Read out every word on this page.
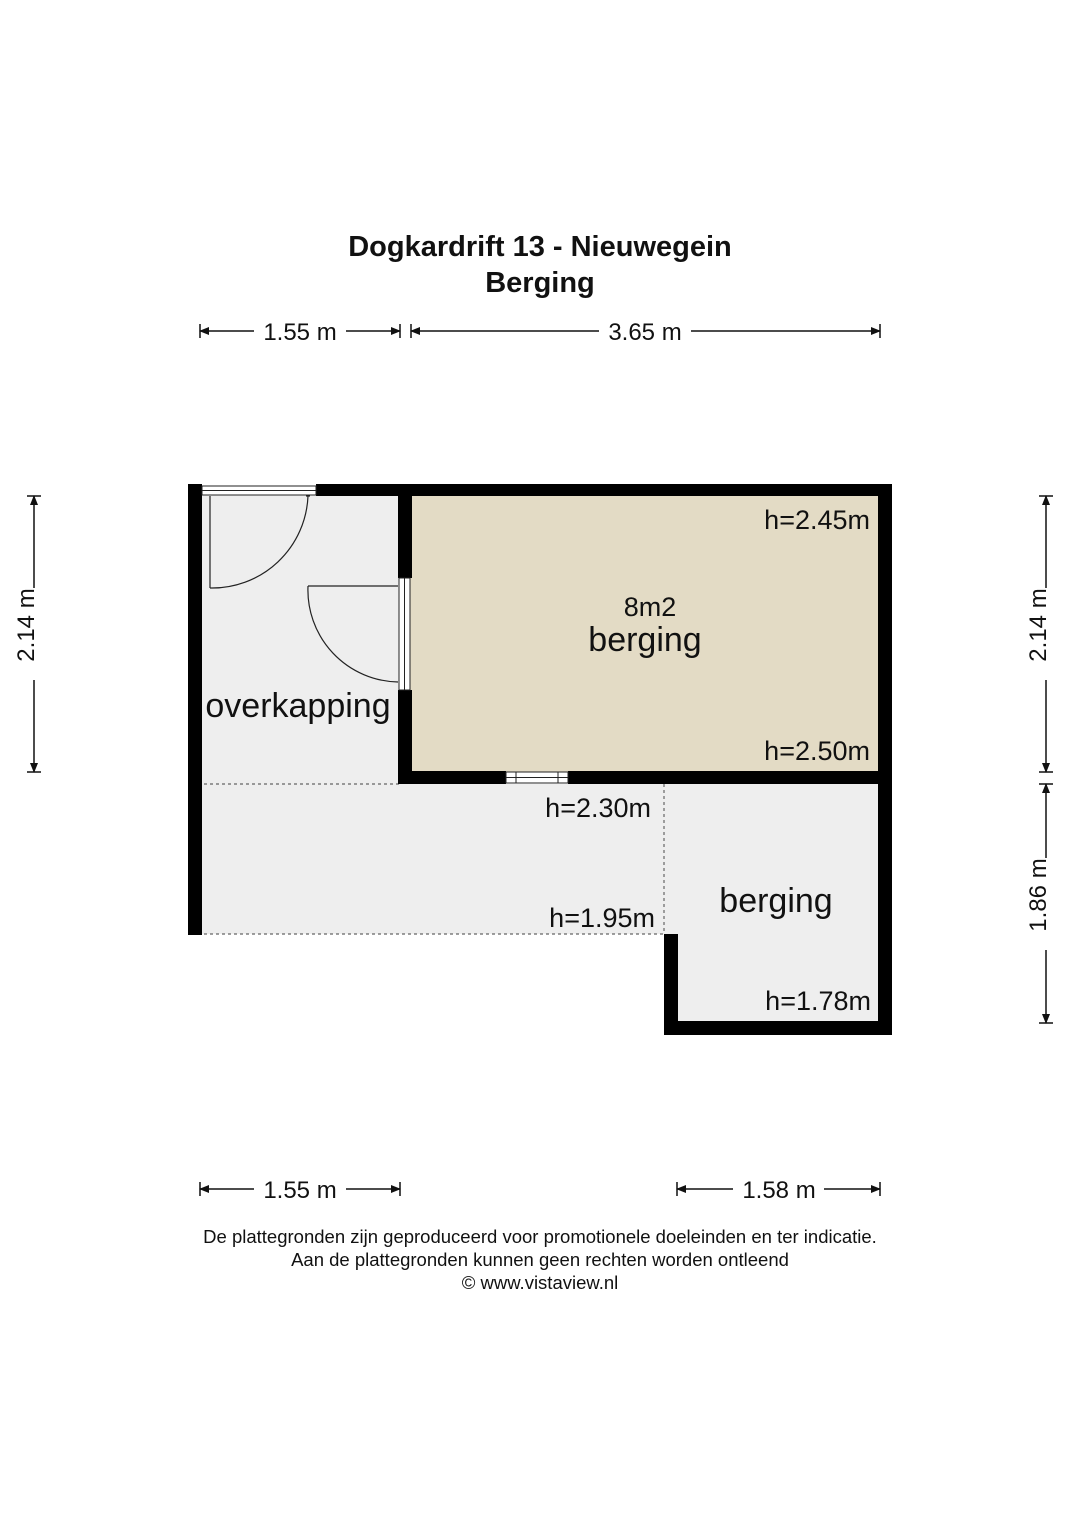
Dogkardrift 13 - Nieuwegein
Berging
1.55 m	3.65 m
2.14 m	2.14 m
1.86 m
1.55 m	1.58 m
overkapping
8m2
berging
h=2.45m
h=2.50m
h=2.30m
h=1.95m berging
h=1.78m
De plattegronden zijn geproduceerd voor promotionele doeleinden en ter indicatie.
Aan de plattegronden kunnen geen rechten worden ontleend
© www.vistaview.nl
